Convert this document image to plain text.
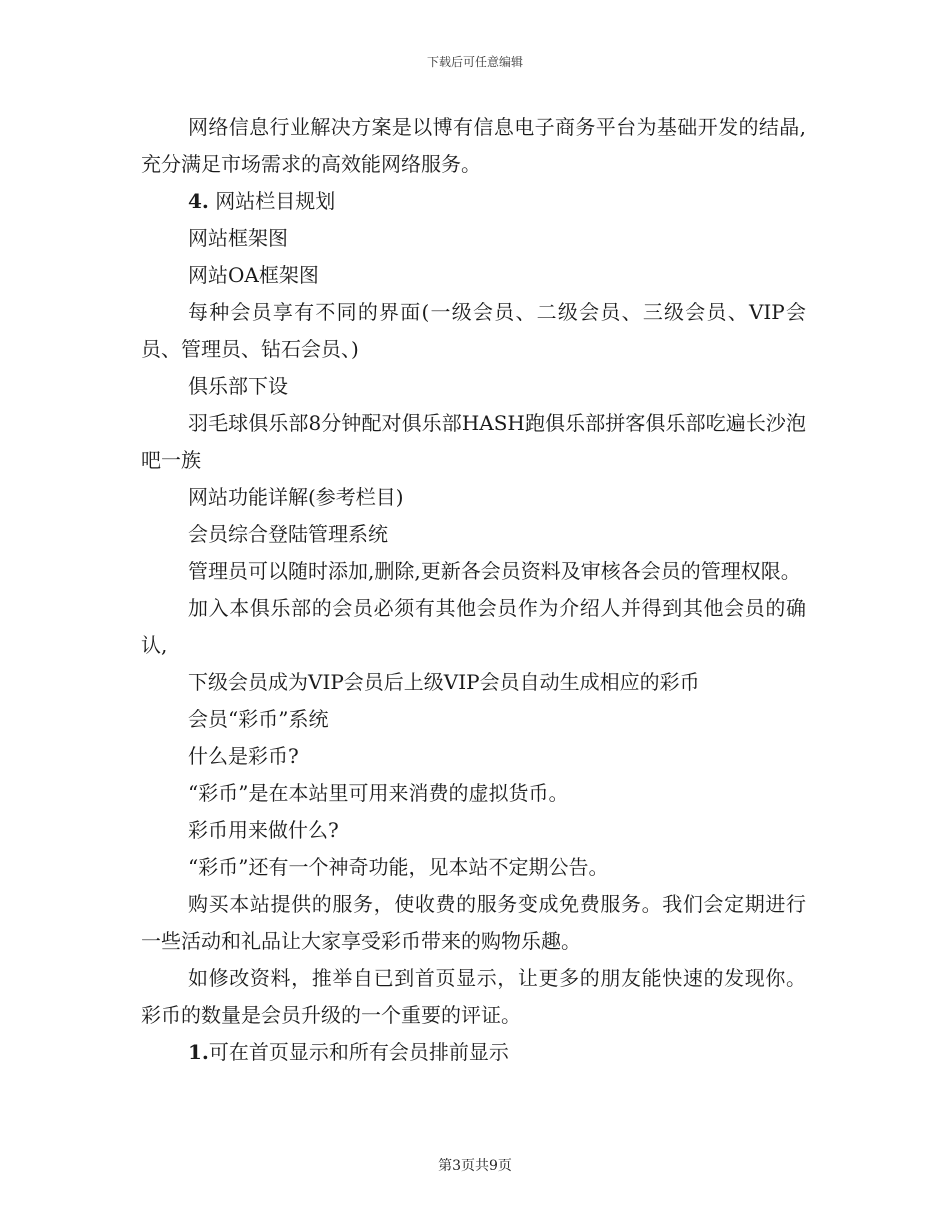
下载后可任意编辑

网络信息行业解决方案是以博有信息电子商务平台为基础开发的结晶,充分满足市场需求的高效能网络服务。

4. 网站栏目规划

网站框架图

网站OA框架图

每种会员享有不同的界面(一级会员、二级会员、三级会员、VIP会员、管理员、钻石会员、)

俱乐部下设

羽毛球俱乐部8分钟配对俱乐部HASH跑俱乐部拼客俱乐部吃遍长沙泡吧一族

网站功能详解(参考栏目)

会员综合登陆管理系统

管理员可以随时添加,删除,更新各会员资料及审核各会员的管理权限。

加入本俱乐部的会员必须有其他会员作为介绍人并得到其他会员的确认,

下级会员成为VIP会员后上级VIP会员自动生成相应的彩币

会员“彩币”系统

什么是彩币?

“彩币”是在本站里可用来消费的虚拟货币。

彩币用来做什么?

“彩币”还有一个神奇功能，见本站不定期公告。

购买本站提供的服务，使收费的服务变成免费服务。我们会定期进行一些活动和礼品让大家享受彩币带来的购物乐趣。

如修改资料，推举自已到首页显示，让更多的朋友能快速的发现你。彩币的数量是会员升级的一个重要的评证。

1.可在首页显示和所有会员排前显示

第3页共9页
